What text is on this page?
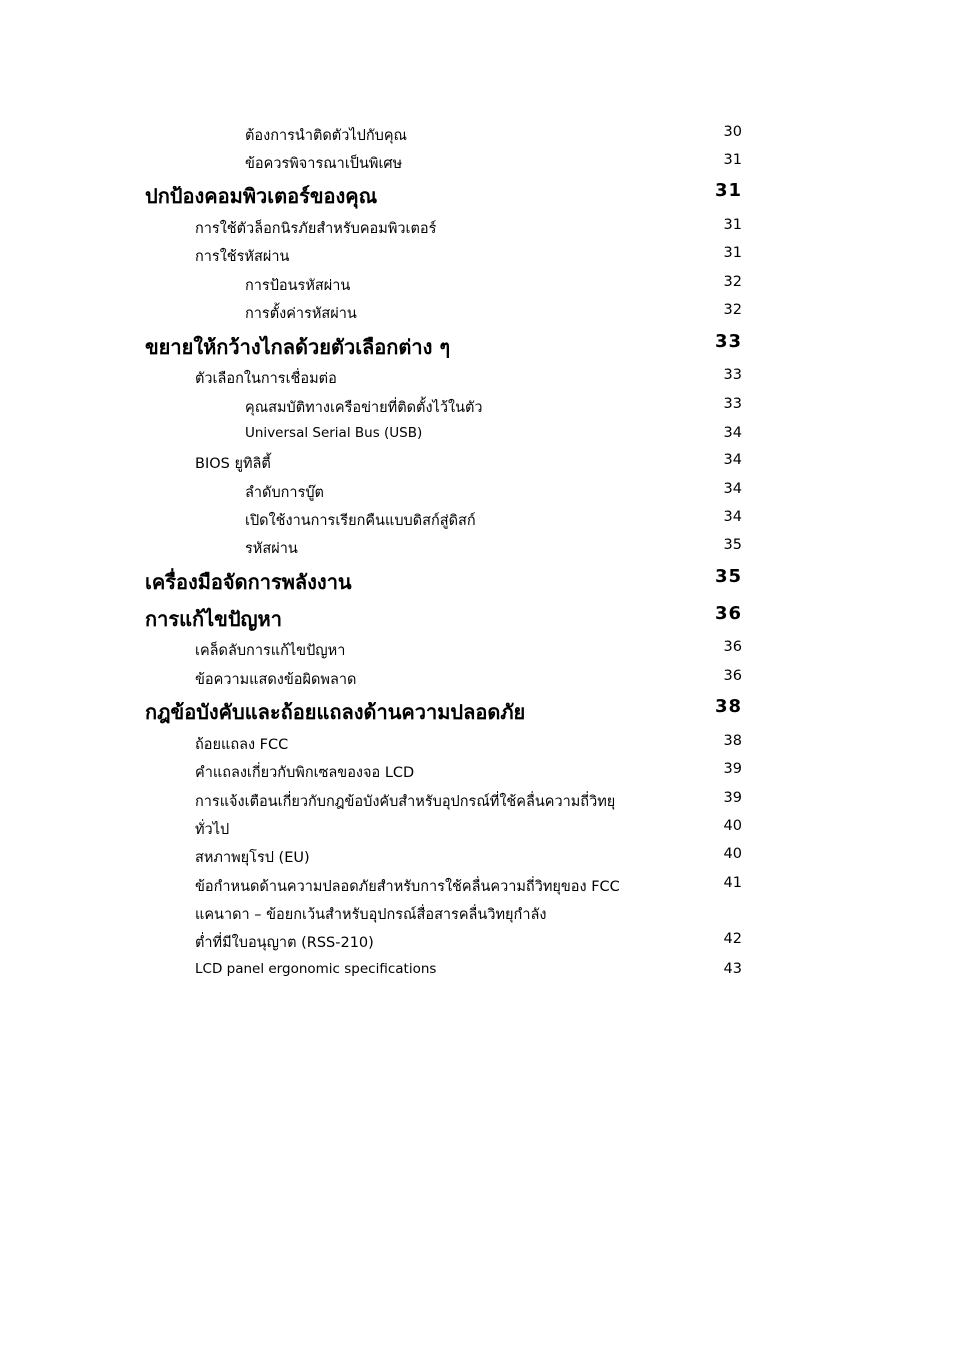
ต้องการนำติดตัวไปกับคุณ	30
ข้อควรพิจารณาเป็นพิเศษ	31
ปกป้องคอมพิวเตอร์ของคุณ	31
การใช้ตัวล็อกนิรภัยสำหรับคอมพิวเตอร์	31
การใช้รหัสผ่าน	31
การป้อนรหัสผ่าน	32
การตั้งค่ารหัสผ่าน	32
ขยายให้กว้างไกลด้วยตัวเลือกต่าง ๆ	33
ตัวเลือกในการเชื่อมต่อ	33
คุณสมบัติทางเครือข่ายที่ติดตั้งไว้ในตัว	33
Universal Serial Bus (USB)	34
BIOS ยูทิลิตี้	34
ลำดับการบู๊ต	34
เปิดใช้งานการเรียกคืนแบบดิสก์สู่ดิสก์	34
รหัสผ่าน	35
เครื่องมือจัดการพลังงาน	35
การแก้ไขปัญหา	36
เคล็ดลับการแก้ไขปัญหา	36
ข้อความแสดงข้อผิดพลาด	36
กฎข้อบังคับและถ้อยแถลงด้านความปลอดภัย	38
ถ้อยแถลง FCC	38
คำแถลงเกี่ยวกับพิกเซลของจอ LCD	39
การแจ้งเตือนเกี่ยวกับกฎข้อบังคับสำหรับอุปกรณ์ที่ใช้คลื่นความถี่วิทยุ	39
ทั่วไป	40
สหภาพยุโรป (EU)	40
ข้อกำหนดด้านความปลอดภัยสำหรับการใช้คลื่นความถี่วิทยุของ FCC	41
แคนาดา – ข้อยกเว้นสำหรับอุปกรณ์สื่อสารคลื่นวิทยุกำลัง
ต่ำที่มีใบอนุญาต (RSS-210)	42
LCD panel ergonomic specifications	43
